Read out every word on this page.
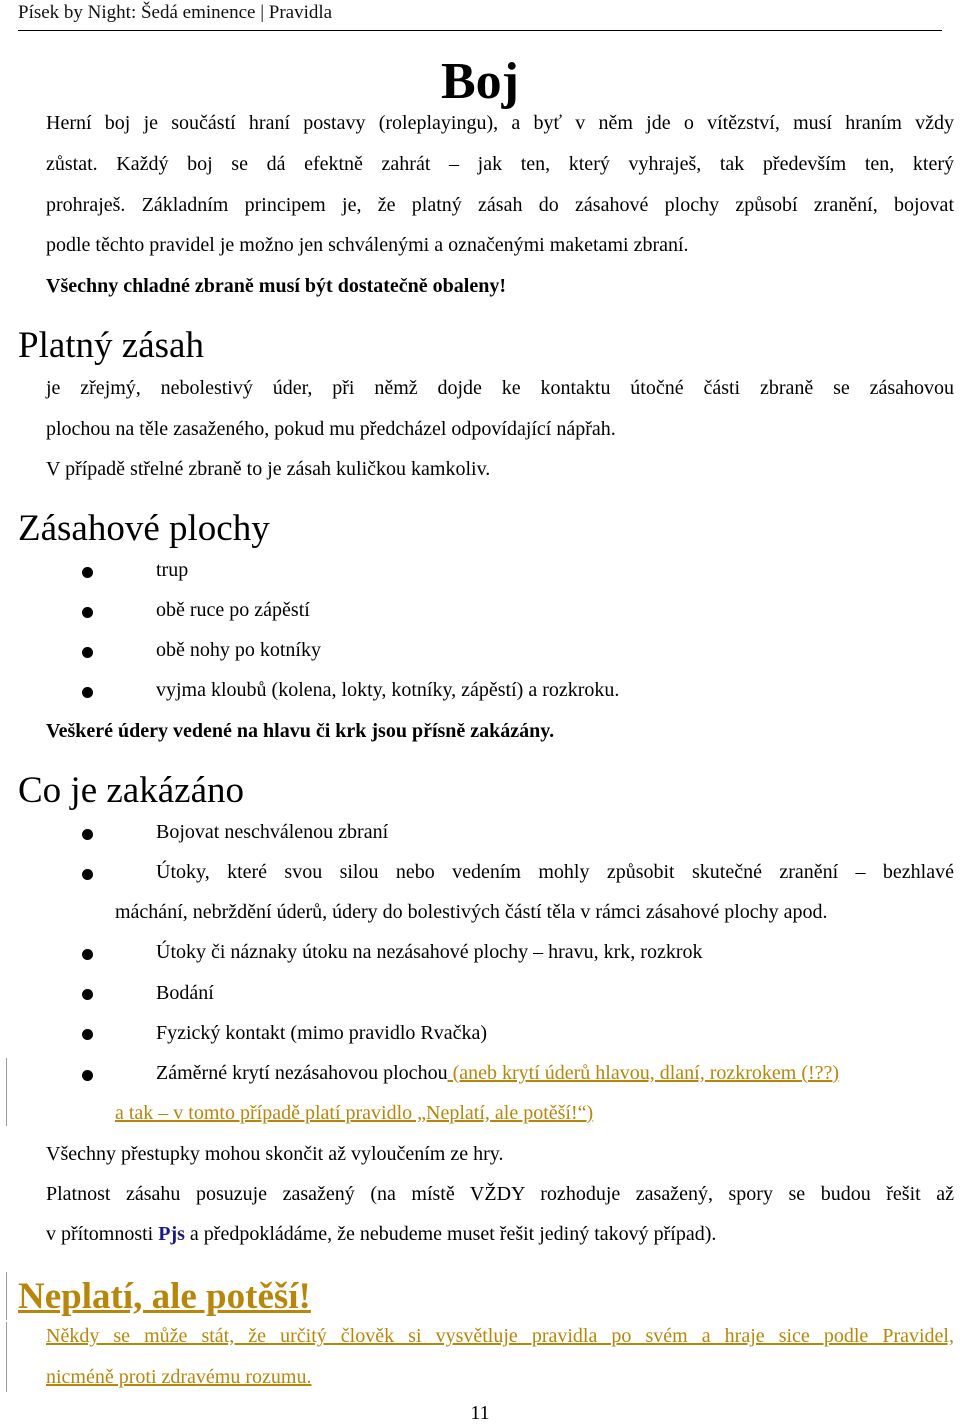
Písek by Night: Šedá eminence | Pravidla
Boj
Herní boj je součástí hraní postavy (roleplayingu), a byť v něm jde o vítězství, musí hraním vždy
zůstat. Každý boj se dá efektně zahrát – jak ten, který vyhraješ, tak především ten, který
prohraješ. Základním principem je, že platný zásah do zásahové plochy způsobí zranění, bojovat
podle těchto pravidel je možno jen schválenými a označenými maketami zbraní.
Všechny chladné zbraně musí být dostatečně obaleny!
Platný zásah
je zřejmý, nebolestivý úder, při němž dojde ke kontaktu útočné části zbraně se zásahovou
plochou na těle zasaženého, pokud mu předcházel odpovídající nápřah.
V případě střelné zbraně to je zásah kuličkou kamkoliv.
Zásahové plochy
trup
obě ruce po zápěstí
obě nohy po kotníky
vyjma kloubů (kolena, lokty, kotníky, zápěstí) a rozkroku.
Veškeré údery vedené na hlavu či krk jsou přísně zakázány.
Co je zakázáno
Bojovat neschválenou zbraní
Útoky, které svou silou nebo vedením mohly způsobit skutečné zranění – bezhlavé
máchání, nebrždění úderů, údery do bolestivých částí těla v rámci zásahové plochy apod.
Útoky či náznaky útoku na nezásahové plochy – hravu, krk, rozkrok
Bodání
Fyzický kontakt (mimo pravidlo Rvačka)
Záměrné krytí nezásahovou plochou (aneb krytí úderů hlavou, dlaní, rozkrokem (!??)
a tak – v tomto případě platí pravidlo „Neplatí, ale potěší!“)
Všechny přestupky mohou skončit až vyloučením ze hry.
Platnost zásahu posuzuje zasažený (na místě VŽDY rozhoduje zasažený, spory se budou řešit až
v přítomnosti Pjs a předpokládáme, že nebudeme muset řešit jediný takový případ).
Neplatí, ale potěší!
Někdy se může stát, že určitý člověk si vysvětluje pravidla po svém a hraje sice podle Pravidel,
nicméně proti zdravému rozumu.
11
